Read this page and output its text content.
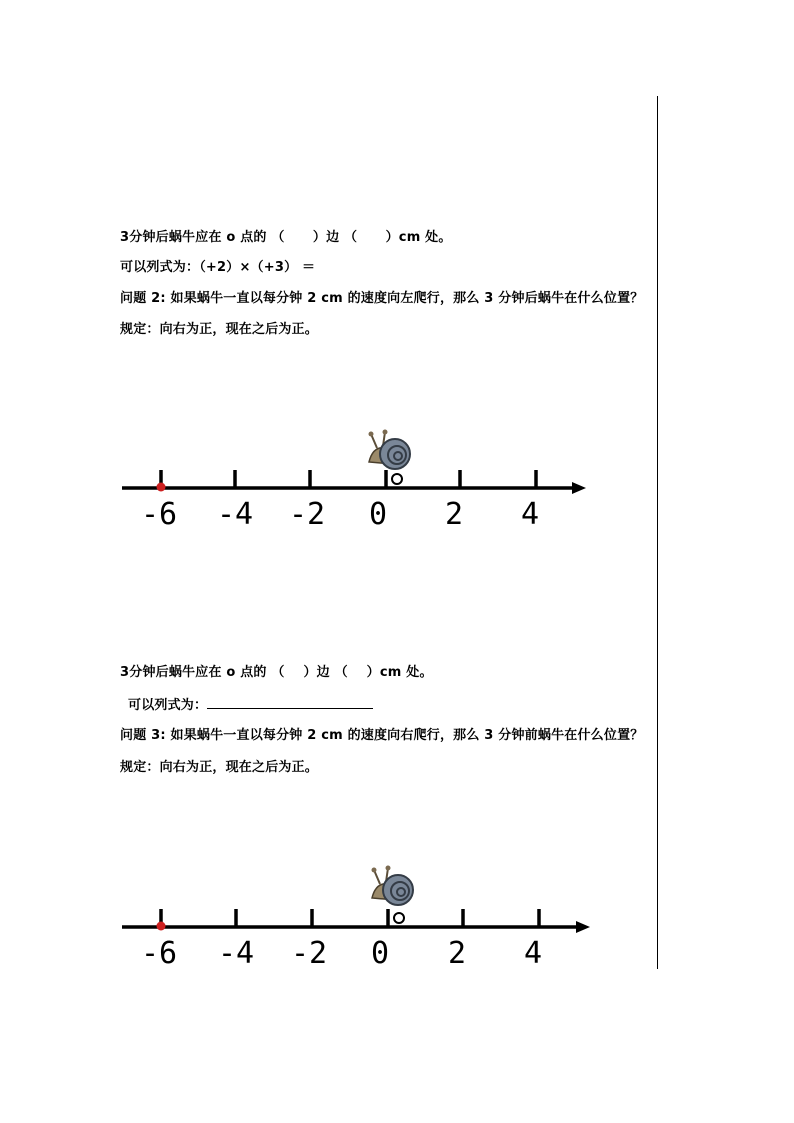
3分钟后蜗牛应在 o 点的 （      ）边 （      ）cm 处。
可以列式为：（+2）×（+3） ＝
问题 2: 如果蜗牛一直以每分钟 2 cm 的速度向左爬行，那么 3 分钟后蜗牛在什么位置？
规定：向右为正，现在之后为正。
-6 -4 -2 0 2 4
3分钟后蜗牛应在 o 点的 （    ）边 （    ）cm 处。
可以列式为：
问题 3: 如果蜗牛一直以每分钟 2 cm 的速度向右爬行，那么 3 分钟前蜗牛在什么位置？
规定：向右为正，现在之后为正。
-6 -4 -2 0 2 4
